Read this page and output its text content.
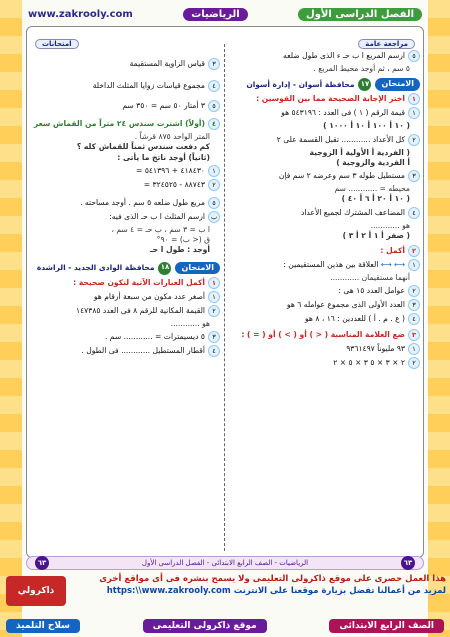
الفصل الدراسى الأول
الرياضيات
www.zakrooly.com
مراجعة عامة
امتحانات
٥ارسم المربع ا ب حـ ء الذى طول ضلعه
٥ سم ، ثم أوجد محيط المربع .
الامتحان
١٧
محافظة أسوان - إدارة أسوان
١اختر الإجابة الصحيحة مما بين القوسين :
١قيمة الرقم ( ١ ) فى العدد : ٥٤٣١٩٦ هو
( ١٠ أ ١٠٠ أ ١٠ أ ١٠٠٠ )
٢كل الأعداد ............ تقبل القسمة على ٢
( الفردية أ الأولية أ الزوجية
أ الفردية والزوجية )
٣مستطيل طوله ٣ سم وعرضه ٢ سم فإن
محيطه = ............ سم
( ١٠ أ ٢٠ أ ٦ أ ٤٠ )
٤المضاعف المشترك لجميع الأعداد
هو ............
( صفر أ ١ أ ٢ أ ٣ )
٢أكمل :
١⟷ ⟷ العلاقة بين هذين المستقيمين :
أنهما مستقيمان ............
٢عوامل العدد ١٥ هى :
٣العدد الأولى الذى مجموع عوامله ٦ هو
٤( ع . م . أ ) للعددين : ١٦ ، ٨ هو
٣ضع العلامة المناسبة ( < ) أو ( > ) أو ( = ) :
١٩٣ مليوناً ٩٣٦١٤٩٧
٢٢ × ٣ × ٥ ٣ × ٥ × ٢
٣قياس الزاوية المستقيمة
٤مجموع قياسات زوايا المثلث الداخلة
٥٣ أمتار ٥٠ سم = ٣٥٠ سم
٤(أولاً) اشترت سندس ٢٤ متراً من القماش سعر
المتر الواحد ٨٧٥ قرشاً .
كم دفعت سندس ثمناً للقماش كله ؟
(ثانياً) أوجد ناتج ما يأتى :
١٤١٨٤٣٠ + ٥٤١٣٩٦ =
٢٨٨٧٤٣ - ٣٢٤٥٢٥ =
٥مربع طول ضلعه ٥ سم . أوجد مساحته .
بارسم المثلث ا ب حـ الذى فيه:
ا ب = ٣ سم ، ب حـ = ٤ سم ،
ق (< ب) = ٩٠°
أوجد : طول ا حـ
الامتحان
١٨
محافظة الوادى الجديد - الراشدة
١أكمل العبارات الآتية لتكون صحيحة :
١أصغر عدد مكون من سبعة أرقام هو
٢القيمة المكانية للرقم ٨ فى العدد ١٤٧٣٨٥
هو ............
٣٥ ديسيمترات = ............ سم .
٤أقطار المستطيل ............ فى الطول .
٦٣
الرياضيات - الصف الرابع الابتدائى - الفصل الدراسى الأول
٦٣
هذا العمل حصرى على موقع ذاكرولى التعليمى ولا يسمح بنشره فى أى مواقع أخرى
لمزيد من أعمالنا تفضل بزيارة موقعنا على الانترنت https:\\www.zakrooly.com
ذاكرولي
الصف الرابع الابتدائى
موقع ذاكرولى التعليمى
سلاح التلميذ
